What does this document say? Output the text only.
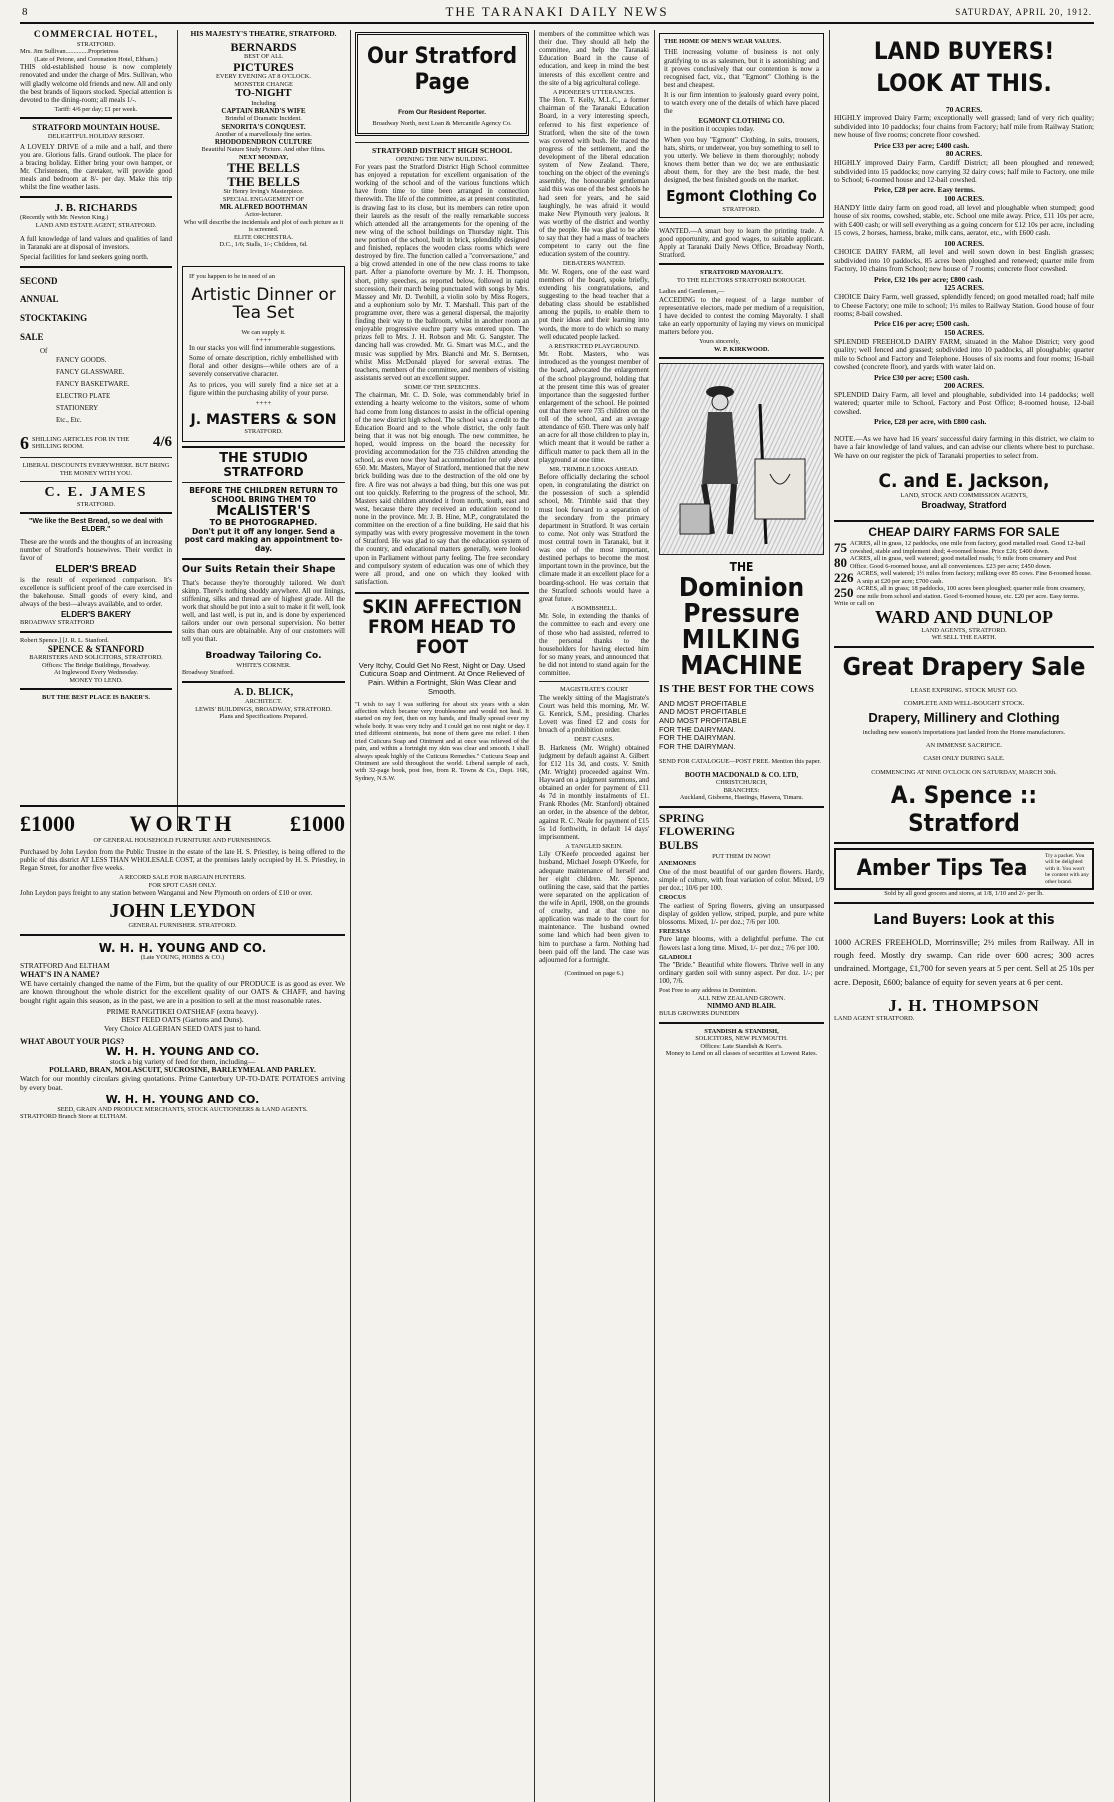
8	THE TARANAKI DAILY NEWS	SATURDAY, APRIL 20, 1912.
COMMERCIAL HOTEL,
STRATFORD.
Mrs. Jim Sullivan..............Proprietress
(Late of Petone, and Coronation Hotel, Eltham.)

THIS old-established house is now completely renovated and under the charge of Mrs. Sullivan, who will gladly welcome old friends and new. All and only the best brands of liquors stocked. Special attention is devoted to the dining-room; all meals 1/-.

Tariff: 4/6 per day; £1 per week.
STRATFORD MOUNTAIN HOUSE.
DELIGHTFUL HOLIDAY RESORT.

A LOVELY DRIVE of a mile and a half, and there you are. Glorious falls. Grand outlook. The place for a bracing holiday. Either bring your own hamper, or Mr. Christensen, the caretaker, will provide good meals and bedroom at 8/- per day. Make this trip whilst the fine weather lasts.

J. B. RICHARDS
(Recently with Mr. Newton King.)
LAND AND ESTATE AGENT, STRATFORD.

A full knowledge of land values and qualities of land in Taranaki are at disposal of investors.

Special facilities for land seekers going north.

SECOND
ANNUAL
STOCKTAKING
SALE
Of
FANCY GOODS.
FANCY GLASSWARE.
FANCY BASKETWARE.
ELECTRO PLATE
STATIONERY
Etc., Etc.
6 SHILLING ARTICLES FOR IN THE SHILLING ROOM.	4/6
LIBERAL DISCOUNTS EVERYWHERE. BUT BRING THE MONEY WITH YOU.
C. E. JAMES
STRATFORD.
"We like the Best Bread, so we deal with ELDER."

These are the words and the thoughts of an increasing number of Stratford's housewives. Their verdict in favor of

ELDER'S BREAD

is the result of experienced comparison. It's excellence is sufficient proof of the care exercised in the bakehouse. Small goods of every kind, and always of the best—always available, and to order.

ELDER'S BAKERY
BROADWAY STRATFORD
Robert Spence.] [J. R. L. Stanford.
SPENCE & STANFORD
BARRISTERS AND SOLICITORS, STRATFORD.
Offices: The Bridge Buildings, Broadway.
At Inglewood Every Wednesday.
MONEY TO LEND.
BUT THE BEST PLACE IS BAKER'S.
HIS MAJESTY'S THEATRE, STRATFORD.
BERNARDS
BEST OF ALL
PICTURES
EVERY EVENING AT 8 O'CLOCK.
MONSTER CHANGE
TO-NIGHT
Including
CAPTAIN BRAND'S WIFE
Brimful of Dramatic Incident.
SENORITA'S CONQUEST.
Another of a marvellously fine series.
RHODODENDRON CULTURE
Beautiful Nature Study Picture. And other films.
NEXT MONDAY,
THE BELLS
THE BELLS
Sir Henry Irving's Masterpiece.
SPECIAL ENGAGEMENT OF
MR. ALFRED BOOTHMAN
Actor-lecturer.
Who will describe the incidentals and plot of each picture as it is screened.
ELITE ORCHESTRA.
D.C., 1/6; Stalls, 1/-; Children, 6d.
IF you happen to be in need of an
Artistic Dinner or Tea Set
We can supply it.
++++

In our stacks you will find innumerable suggestions.

Some of ornate description, richly embellished with floral and other designs—while others are of a severely conservative character.

As to prices, you will surely find a nice set at a figure within the purchasing ability of your purse.

++++
J. MASTERS & SON
STRATFORD.
THE STUDIO
STRATFORD
BEFORE THE CHILDREN RETURN TO SCHOOL BRING THEM TO
McALISTER'S
TO BE PHOTOGRAPHED.
Don't put it off any longer. Send a post card making an appointment to-day.
Our Suits Retain their Shape

That's because they're thoroughly tailored. We don't skimp. There's nothing shoddy anywhere. All our linings, stiffening, silks and thread are of highest grade. All the work that should be put into a suit to make it fit well, look well, and last well, is put in, and is done by experienced tailors under our own personal supervision. No better suits than ours are obtainable. Any of our customers will tell you that.

Broadway Tailoring Co.
WHITE'S CORNER.
Broadway Stratford.
A. D. BLICK,
ARCHITECT.
LEWIS' BUILDINGS, BROADWAY, STRATFORD.
Plans and Specifications Prepared.
£1000 WORTH £1000
OF GENERAL HOUSEHOLD FURNITURE AND FURNISHINGS.

Purchased by John Leydon from the Public Trustee in the estate of the late H. S. Priestley, is being offered to the public of this district AT LESS THAN WHOLESALE COST, at the premises lately occupied by H. S. Priestley, in Regan Street, for another five weeks.

A RECORD SALE FOR BARGAIN HUNTERS.
FOR SPOT CASH ONLY.

John Leydon pays freight to any station between Wanganui and New Plymouth on orders of £10 or over.

JOHN LEYDON
GENERAL FURNISHER. STRATFORD.
W. H. H. YOUNG AND CO.
(Late YOUNG, HOBBS & CO.)
STRATFORD And ELTHAM
WHAT'S IN A NAME?

WE have certainly changed the name of the Firm, but the quality of our PRODUCE is as good as ever. We are known throughout the whole district for the excellent quality of our OATS & CHAFF, and having bought right again this season, as in the past, we are in a position to sell at the most reasonable rates.

PRIME RANGITIKEI OATSHEAF (extra heavy).
BEST FEED OATS (Gartons and Duns).
Very Choice ALGERIAN SEED OATS just to hand.
WHAT ABOUT YOUR PIGS?
W. H. H. YOUNG AND CO.
stock a big variety of feed for them, including—
POLLARD, BRAN, MOLASCUIT, SUCROSINE, BARLEYMEAL AND PARLEY.

Watch for our monthly circulars giving quotations. Prime Canterbury UP-TO-DATE POTATOES arriving by every boat.

W. H. H. YOUNG AND CO.
SEED, GRAIN AND PRODUCE MERCHANTS, STOCK AUCTIONEERS & LAND AGENTS.
STRATFORD Branch Store at ELTHAM.
Our Stratford Page
From Our Resident Reporter.
Broadway North, next Loan & Mercantile Agency Co.
STRATFORD DISTRICT HIGH SCHOOL
OPENING THE NEW BUILDING.

For years past the Stratford District High School committee has enjoyed a reputation for excellent organisation of the working of the school and of the various functions which have from time to time been arranged in connection therewith. The life of the committee, as at present constituted, is drawing fast to its close, but its members can retire upon their laurels as the result of the really remarkable success which attended all the arrangements for the opening of the new wing of the school buildings on Thursday night. This new portion of the school, built in brick, splendidly designed and finished, replaces the wooden class rooms which were destroyed by fire. The function called a "conversazione," and a big crowd attended in one of the new class rooms to take part. After a pianoforte overture by Mr. J. H. Thompson, short, pithy speeches, as reported below, followed in rapid succession, their march being punctuated with songs by Mrs. Massey and Mr. D. Twohill, a violin solo by Miss Rogers, and a euphonium solo by Mr. T. Marshall. This part of the programme over, there was a general dispersal, the majority finding their way to the ballroom, whilst in another room an enjoyable progressive euchre party was entered upon. The prizes fell to Mrs. J. H. Robson and Mr. G. Sangster. The dancing hall was crowded. Mr. G. Smart was M.C., and the music was supplied by Mrs. Bianchi and Mr. S. Berntsen, whilst Miss McDonald played for several extras. The teachers, members of the committee, and members of visiting assistants served out an excellent supper.

SOME OF THE SPEECHES.

The chairman, Mr. C. D. Sole, was commendably brief in extending a hearty welcome to the visitors, some of whom had come from long distances to assist in the official opening of the new district high school. The school was a credit to the Education Board and to the whole district, the only fault being that it was not big enough. The new committee, he hoped, would impress on the board the necessity for providing accommodation for the 735 children attending the school, as even now they had accommodation for only about 650. Mr. Masters, Mayor of Stratford, mentioned that the new brick building was due to the destruction of the old one by fire. A fire was not always a bad thing, but this one was put out too quickly. Referring to the progress of the school, Mr. Masters said children attended it from north, south, east and west, because there they received an education second to none in the province. Mr. J. B. Hine, M.P., congratulated the committee on the erection of a fine building. He said that his sympathy was with every progressive movement in the town of Stratford. He was glad to say that the education system of the country, and educational matters generally, were looked upon in Parliament without party feeling. The free secondary and compulsory system of education was one of which they were all proud, and one on which they looked with satisfaction.

SKIN AFFECTION FROM HEAD TO FOOT
Very Itchy, Could Get No Rest, Night or Day. Used Cuticura Soap and Ointment. At Once Relieved of Pain. Within a Fortnight, Skin Was Clear and Smooth.

"I wish to say I was suffering for about six years with a skin affection which became very troublesome and would not heal. It started on my feet, then on my hands, and finally spread over my whole body. It was very itchy and I could get no rest night or day. I tried different ointments, but none of them gave me relief. I then tried Cuticura Soap and Ointment and at once was relieved of the pain, and within a fortnight my skin was clear and smooth. I shall always speak highly of the Cuticura Remedies." Cuticura Soap and Ointment are sold throughout the world. Liberal sample of each, with 32-page book, post free, from R. Towns & Co., Dept. 16K, Sydney, N.S.W.

members of the committee which was their due. They should all help the committee, and help the Taranaki Education Board in the cause of education, and keep in mind the best interests of this excellent centre and the site of a big agricultural college.

A PIONEER'S UTTERANCES.

The Hon. T. Kelly, M.L.C., a former chairman of the Taranaki Education Board, in a very interesting speech, referred to his first experience of Stratford, when the site of the town was covered with bush. He traced the progress of the settlement, and the development of the liberal education system of New Zealand. There, touching on the object of the evening's assembly, the honourable gentleman said this was one of the best schools he had seen for years, and he said laughingly, he was afraid it would make New Plymouth very jealous. It was worthy of the district and worthy of the people. He was glad to be able to say that they had a mass of teachers competent to carry out the fine education system of the country.

DEBATERS WANTED.

Mr. W. Rogers, one of the east ward members of the board, spoke briefly, extending his congratulations, and suggesting to the head teacher that a debating class should be established among the pupils, to enable them to put their ideas and their learning into words, the more to do which so many well educated people lacked.

A RESTRICTED PLAYGROUND.

Mr. Robt. Masters, who was introduced as the youngest member of the board, advocated the enlargement of the school playground, holding that at the present time this was of greater importance than the suggested further enlargement of the school. He pointed out that there were 735 children on the roll of the school, and an average attendance of 650. There was only half an acre for all those children to play in, which meant that it would be rather a difficult matter to pack them all in the playground at one time.

MR. TRIMBLE LOOKS AHEAD.

Before officially declaring the school open, in congratulating the district on the possession of such a splendid school, Mr. Trimble said that they must look forward to a separation of the secondary from the primary department in Stratford. It was certain to come. Not only was Stratford the most central town in Taranaki, but it was one of the most important, destined perhaps to become the most important town in the province, but the climate made it an excellent place for a boarding-school. He was certain that the Stratford schools would have a great future.

A BOMBSHELL.

Mr. Sole, in extending the thanks of the committee to each and every one of those who had assisted, referred to the personal thanks to the householders for having elected him for so many years, and announced that he did not intend to stand again for the committee.

MAGISTRATE'S COURT

The weekly sitting of the Magistrate's Court was held this morning, Mr. W. G. Kenrick, S.M., presiding. Charles Lovett was fined £2 and costs for breach of a prohibition order.

DEBT CASES.

B. Harkness (Mr. Wright) obtained judgment by default against A. Gilbert for £12 11s 3d, and costs. V. Smith (Mr. Wright) proceeded against Wm. Hayward on a judgment summons, and obtained an order for payment of £11 4s 7d in monthly instalments of £1. Frank Rhodes (Mr. Stanford) obtained an order, in the absence of the debtor, against R. C. Neale for payment of £15 5s 1d forthwith, in default 14 days' imprisonment.

A TANGLED SKEIN.

Lily O'Keefe proceeded against her husband, Michael Joseph O'Keefe, for adequate maintenance of herself and her eight children. Mr. Spence, outlining the case, said that the parties were separated on the application of the wife in April, 1908, on the grounds of cruelty, and at that time no application was made to the court for maintenance. The husband owned some land which had been given to him to purchase a farm. Nothing had been paid off the land. The case was adjourned for a fortnight.

(Continued on page 6.)
THE HOME OF MEN'S WEAR VALUES.

THE increasing volume of business is not only gratifying to us as salesmen, but it is astonishing; and it proves conclusively that our contention is now a recognised fact, viz., that "Egmont" Clothing is the best and cheapest.

It is our firm intention to jealously guard every point, to watch every one of the details of which have placed the

EGMONT CLOTHING CO.

in the position it occupies today.

When you buy "Egmont" Clothing, in suits, trousers, hats, shirts, or underwear, you buy something to sell to you utterly. We believe in them thoroughly; nobody knows them better than we do; we are enthusiastic about them, for they are the best made, the best designed, the best finished goods on the market.

Egmont Clothing Co
STRATFORD.

WANTED.—A smart boy to learn the printing trade. A good opportunity, and good wages, to suitable applicant. Apply at Taranaki Daily News Office, Broadway North, Stratford.

STRATFORD MAYORALTY.
TO THE ELECTORS STRATFORD BOROUGH.
Ladies and Gentlemen,—

ACCEDING to the request of a large number of representative electors, made per medium of a requisition, I have decided to contest the coming Mayoralty. I shall take an early opportunity of laying my views on municipal matters before you.

Yours sincerely,
W. P. KIRKWOOD.
THE
Dominion
Pressure
MILKING
MACHINE
IS THE BEST FOR THE COWS
AND MOST PROFITABLE
AND MOST PROFITABLE
AND MOST PROFITABLE
FOR THE DAIRYMAN.
FOR THE DAIRYMAN.
FOR THE DAIRYMAN.
SEND FOR CATALOGUE—POST FREE. Mention this paper.
BOOTH MACDONALD & CO. LTD,
CHRISTCHURCH,
BRANCHES:
Auckland, Gisborne, Hastings, Hawera, Timaru.
SPRING
FLOWERING
BULBS
PUT THEM IN NOW!
ANEMONES

One of the most beautiful of our garden flowers. Hardy, simple of culture, with freat variation of color. Mixed, 1/9 per doz.; 10/6 per 100.

CROCUS

The earliest of Spring flowers, giving an unsurpassed display of golden yellow, striped, purple, and pure white blossoms. Mixed, 1/- per doz.; 7/6 per 100.

FREESIAS

Pure large blooms, with a delightful perfume. The cut flowers last a long time. Mixed, 1/- per doz.; 7/6 per 100.

GLADIOLI

The "Bride." Beautiful white flowers. Thrive well in any ordinary garden soil with sunny aspect. Per doz. 1/-; per 100, 7/6.

Post Free to any address in Dominion.
ALL NEW ZEALAND GROWN.
NIMMO AND BLAIR.
BULB GROWERS DUNEDIN
STANDISH & STANDISH,
SOLICITORS, NEW PLYMOUTH.
Offices: Late Standish & Kerr's.
Money to Lend on all classes of securities at Lowest Rates.
LAND BUYERS!
LOOK AT THIS.
70 ACRES.

HIGHLY improved Dairy Farm; exceptionally well grassed; land of very rich quality; subdivided into 10 paddocks; four chains from Factory; half mile from Railway Station; new house of five rooms; concrete floor cowshed.

Price £33 per acre; £400 cash.
80 ACRES.

HIGHLY improved Dairy Farm, Cardiff District; all been ploughed and renewed; subdivided into 15 paddocks; now carrying 32 dairy cows; half mile to Factory, one mile to School; 6-roomed house and 12-bail cowshed.

Price, £28 per acre. Easy terms.
100 ACRES.

HANDY little dairy farm on good road, all level and ploughable when stumped; good house of six rooms, cowshed, stable, etc. School one mile away. Price, £11 10s per acre, with £400 cash; or will sell everything as a going concern for £12 10s per acre, including 15 cows, 2 horses, harness, brake, milk cans, aerator, etc., with £600 cash.

100 ACRES.

CHOICE DAIRY FARM, all level and well sown down in best English grasses; subdivided into 10 paddocks, 85 acres been ploughed and renewed; quarter mile from Factory, 10 chains from School; new house of 7 rooms; concrete floor cowshed.

Price, £32 10s per acre; £800 cash.
125 ACRES.

CHOICE Dairy Farm, well grassed, splendidly fenced; on good metalled road; half mile to Cheese Factory; one mile to school; 1½ miles to Railway Station. Good house of four rooms; 8-bail cowshed.

Price £16 per acre; £500 cash.
150 ACRES.

SPLENDID FREEHOLD DAIRY FARM, situated in the Mahoe District; very good quality; well fenced and grassed; subdivided into 10 paddocks, all ploughable; quarter mile to School and Factory and Telephone. Houses of six rooms and four rooms; 16-bail cowshed (concrete floor), and yards with water laid on.

Price £30 per acre; £500 cash.
200 ACRES.

SPLENDID Dairy Farm, all level and ploughable, subdivided into 14 paddocks; well watered; quarter mile to School, Factory and Post Office; 8-roomed house, 12-bail cowshed.

Price, £28 per acre, with £800 cash.

NOTE.—As we have had 16 years' successful dairy farming in this district, we claim to have a fair knowledge of land values, and can advise our clients where best to purchase. We have on our register the pick of Taranaki properties to select from.

C. and E. Jackson,
LAND, STOCK AND COMMISSION AGENTS,
Broadway, Stratford
CHEAP DAIRY FARMS FOR SALE
75 ACRES, all in grass, 12 paddocks, one mile from factory, good metalled road. Good 12-bail cowshed, stable and implement shed; 4-roomed house. Price £26; £400 down.
80 ACRES, all in grass, well watered; good metalled roads; ½ mile from creamery and Post Office. Good 6-roomed house, and all conveniences. £23 per acre; £450 down.
226 ACRES, well watered; 1½ miles from factory; milking over 85 cows. Fine 8-roomed house. A snip at £20 per acre; £700 cash.
250 ACRES, all in grass; 18 paddocks, 100 acres been ploughed; quarter mile from creamery, one mile from school and station. Good 6-roomed house, etc. £20 per acre. Easy terms.
Write or call on
WARD AND DUNLOP
LAND AGENTS, STRATFORD.
WE SELL THE EARTH.
Great Drapery Sale
LEASE EXPIRING. STOCK MUST GO.
COMPLETE AND WELL-BOUGHT STOCK.
Drapery, Millinery and Clothing
including new season's importations just landed from the Home manufacturers.
AN IMMENSE SACRIFICE.
CASH ONLY DURING SALE.
COMMENCING AT NINE O'CLOCK ON SATURDAY, MARCH 30th.
A. Spence :: Stratford
Amber Tips Tea
Try a packet. You will be delighted with it. You won't be content with any other brand.
Sold by all good grocers and stores, at 1/8, 1/10 and 2/- per lb.
Land Buyers: Look at this

1000 ACRES FREEHOLD, Morrinsville; 2½ miles from Railway. All in rough feed. Mostly dry swamp. Can ride over 600 acres; 300 acres undrained. Mortgage, £1,700 for seven years at 5 per cent. Sell at 25 10s per acre. Deposit, £600; balance of equity for seven years at 6 per cent.

J. H. THOMPSON
LAND AGENT STRATFORD.
